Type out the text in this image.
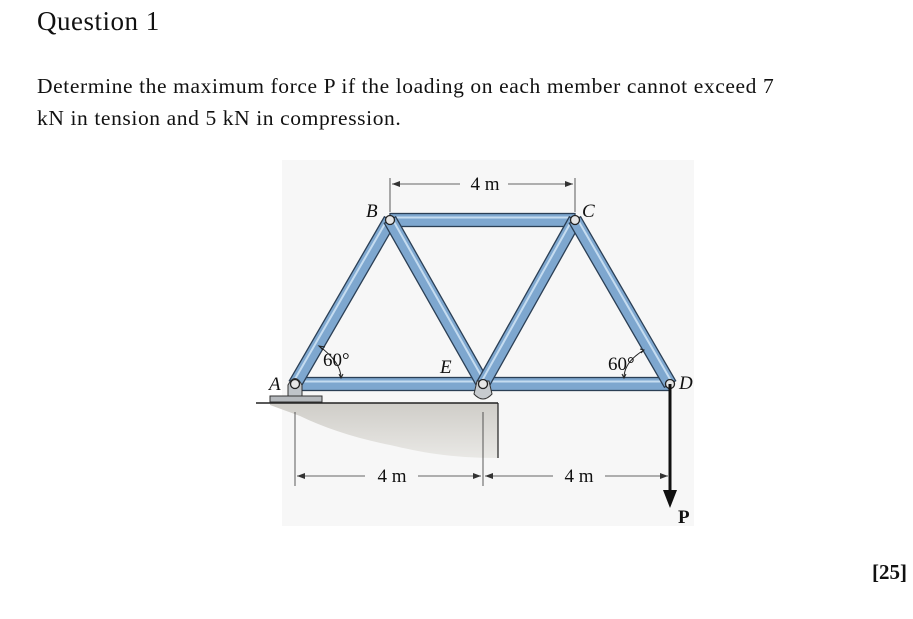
Question 1
Determine the maximum force P if the loading on each member cannot exceed 7
kN in tension and 5 kN in compression.
4 m
4 m	4 m
P
60°	60°
A
B	C
D
E
[25]
